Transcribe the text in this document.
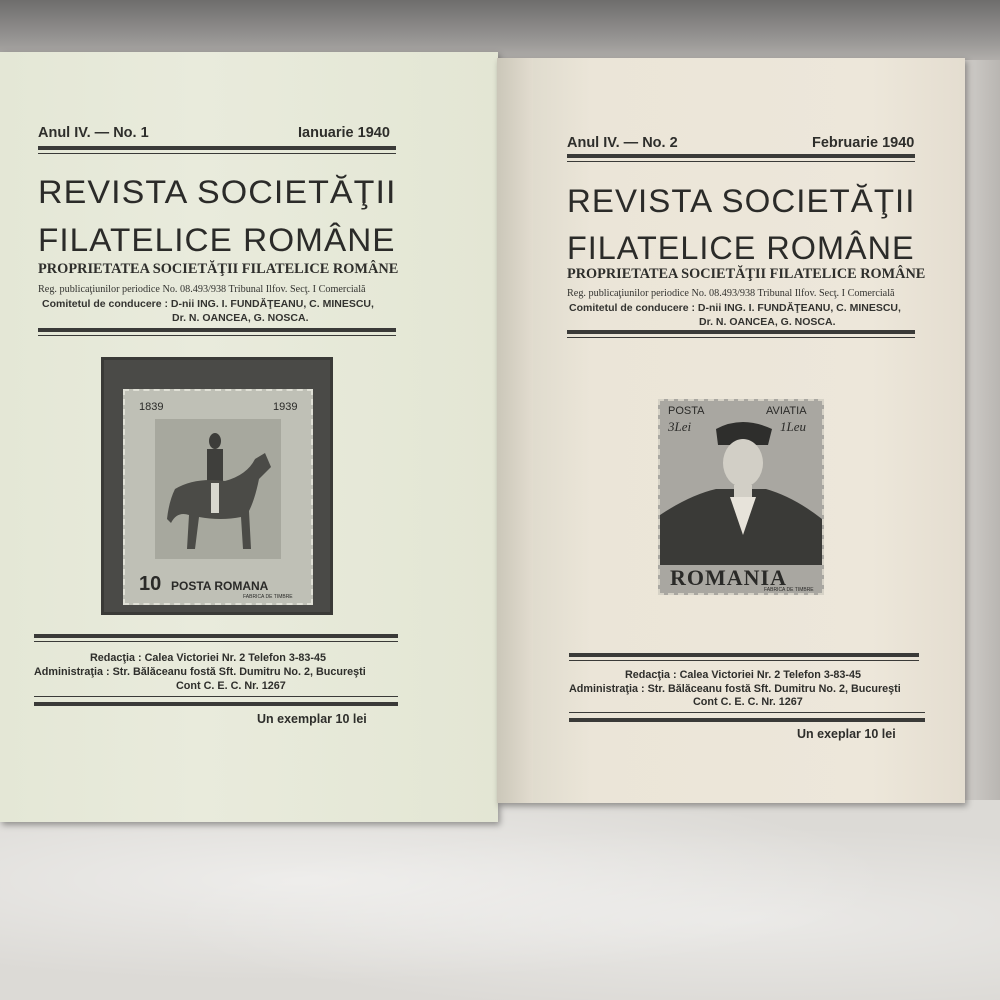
Anul IV. — No. 1	Ianuarie 1940
REVISTA SOCIETĂŢII
FILATELICE ROMÂNE
PROPRIETATEA SOCIETĂŢII FILATELICE ROMÂNE
Reg. publicaţiunilor periodice No. 08.493/938 Tribunal Ilfov. Secţ. I Comercială
Comitetul de conducere : D-nii ING. I. FUNDĂŢEANU, C. MINESCU,
Dr. N. OANCEA, G. NOSCA.
1839	1939
10 POSTA ROMANA
FABRICA DE TIMBRE
Redacţia : Calea Victoriei Nr. 2 Telefon 3-83-45
Administraţia : Str. Bălăceanu fostă Sft. Dumitru No. 2, Bucureşti
Cont C. E. C. Nr. 1267
Un exemplar 10 lei
Anul IV. — No. 2	Februarie 1940
REVISTA SOCIETĂŢII
FILATELICE ROMÂNE
PROPRIETATEA SOCIETĂŢII FILATELICE ROMÂNE
Reg. publicaţiunilor periodice No. 08.493/938 Tribunal Ilfov. Secţ. I Comercială
Comitetul de conducere : D-nii ING. I. FUNDĂŢEANU, C. MINESCU,
Dr. N. OANCEA, G. NOSCA.
POSTA	AVIATIA
3Lei	1Leu
ROMANIA
FABRICA DE TIMBRE
Redacţia : Calea Victoriei Nr. 2 Telefon 3-83-45
Administraţia : Str. Bălăceanu fostă Sft. Dumitru No. 2, Bucureşti
Cont C. E. C. Nr. 1267
Un exeplar 10 lei
